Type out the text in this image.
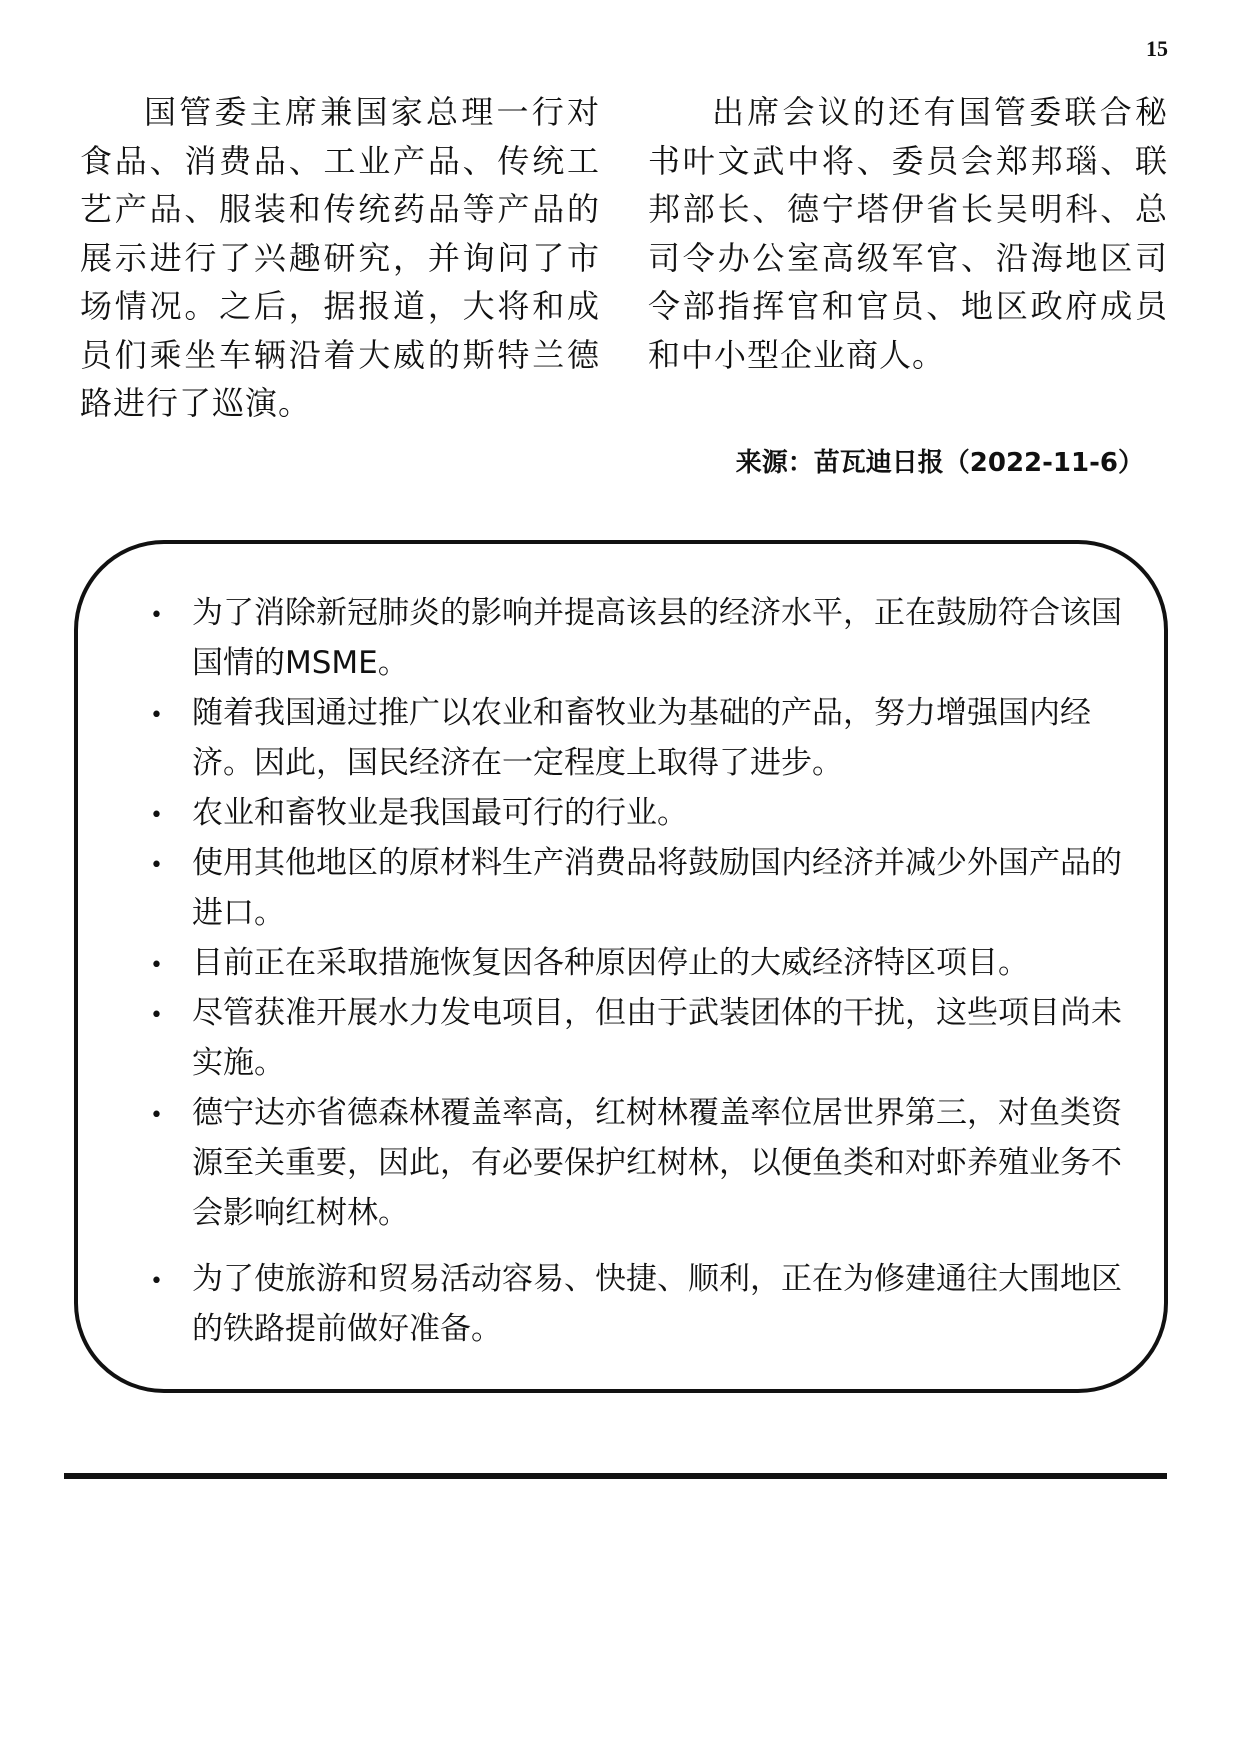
15

国管委主席兼国家总理一行对食品、消费品、工业产品、传统工艺产品、服装和传统药品等产品的展示进行了兴趣研究，并询问了市场情况。之后，据报道，大将和成员们乘坐车辆沿着大威的斯特兰德路进行了巡演。

出席会议的还有国管委联合秘书叶文武中将、委员会郑邦瑙、联邦部长、德宁塔伊省长吴明科、总司令办公室高级军官、沿海地区司令部指挥官和官员、地区政府成员和中小型企业商人。

来源：苗瓦迪日报（2022-11-6）
• 为了消除新冠肺炎的影响并提高该县的经济水平，正在鼓励符合该国国情的MSME。
• 随着我国通过推广以农业和畜牧业为基础的产品，努力增强国内经济。因此，国民经济在一定程度上取得了进步。
• 农业和畜牧业是我国最可行的行业。
• 使用其他地区的原材料生产消费品将鼓励国内经济并减少外国产品的进口。
• 目前正在采取措施恢复因各种原因停止的大威经济特区项目。
• 尽管获准开展水力发电项目，但由于武装团体的干扰，这些项目尚未实施。
• 德宁达亦省德森林覆盖率高，红树林覆盖率位居世界第三，对鱼类资源至关重要，因此，有必要保护红树林，以便鱼类和对虾养殖业务不会影响红树林。
• 为了使旅游和贸易活动容易、快捷、顺利，正在为修建通往大围地区的铁路提前做好准备。
